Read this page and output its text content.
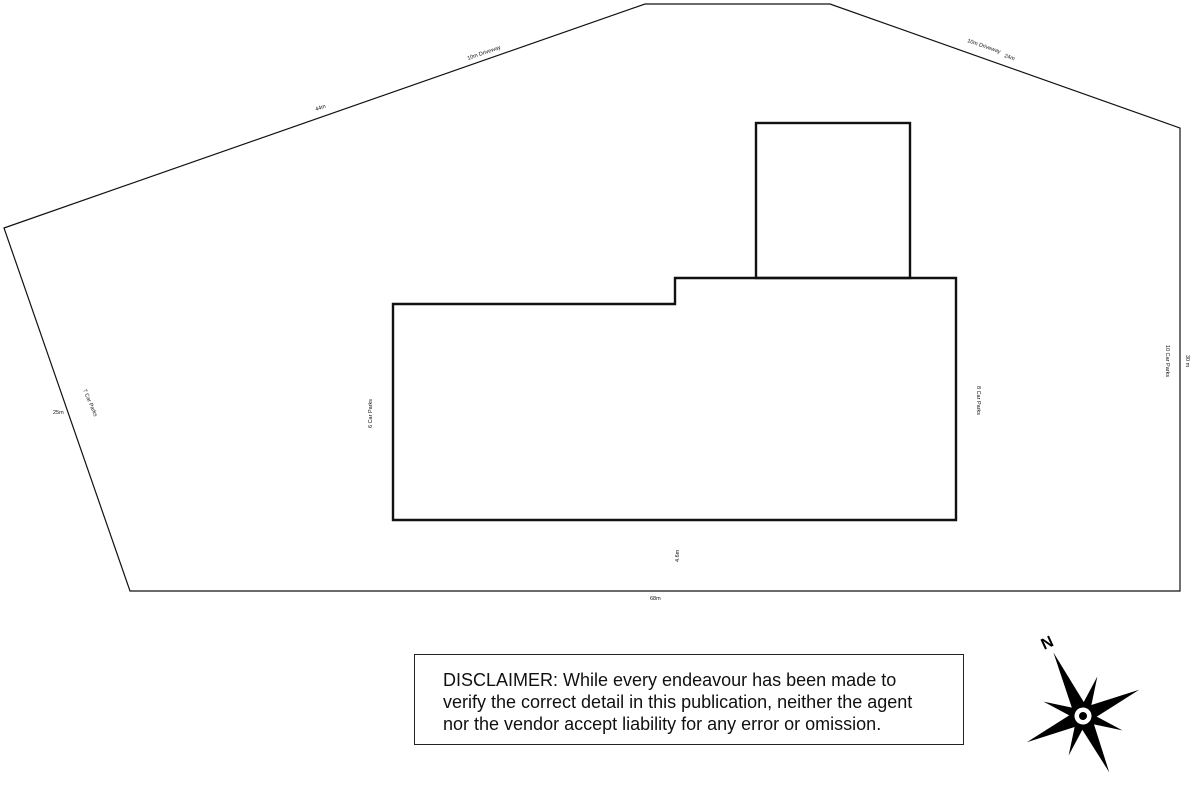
10m Driveway
44m
10m Driveway
24m
10 Car Parks	30 m
7 Car Parks
25m
68m
6 Car Parks	8 Car Parks
4.6m
N
DISCLAIMER: While every endeavour has been made to
verify the correct detail in this publication, neither the agent
nor the vendor accept liability for any error or omission.
